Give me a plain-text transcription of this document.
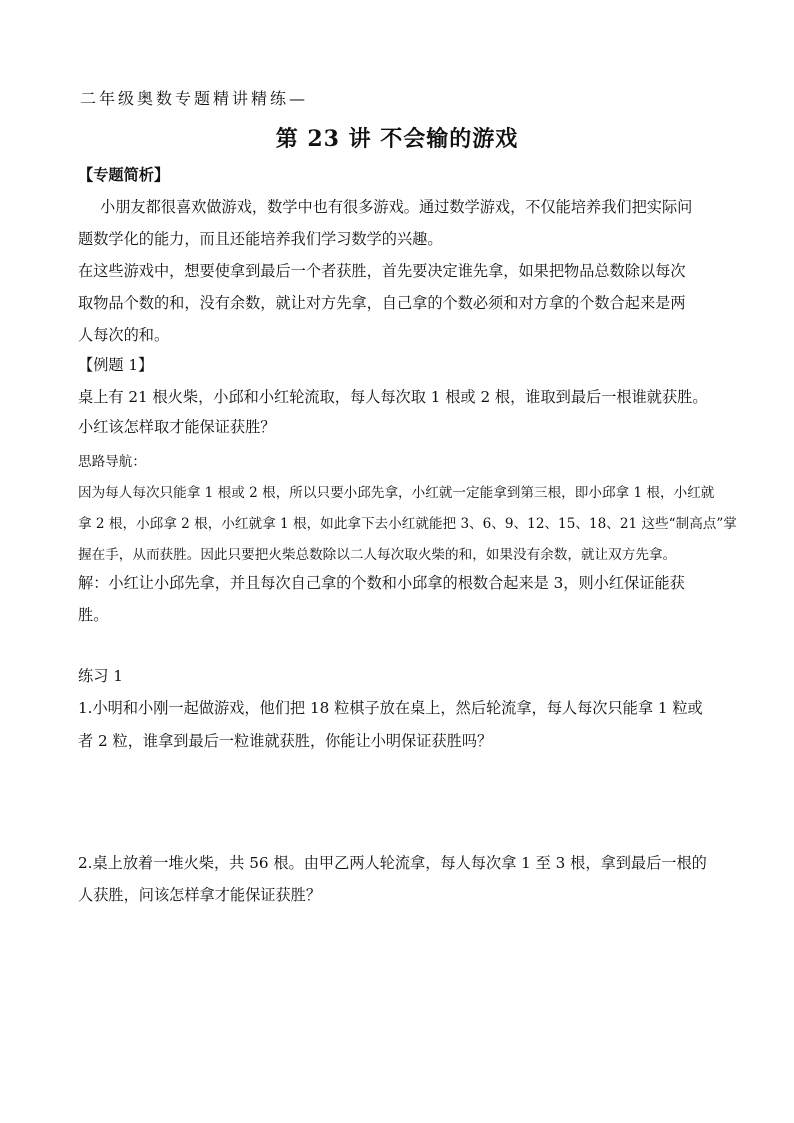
二年级奥数专题精讲精练—
第 23 讲 不会输的游戏
【专题简析】
小朋友都很喜欢做游戏，数学中也有很多游戏。通过数学游戏，不仅能培养我们把实际问
题数学化的能力，而且还能培养我们学习数学的兴趣。
在这些游戏中，想要使拿到最后一个者获胜，首先要决定谁先拿，如果把物品总数除以每次
取物品个数的和，没有余数，就让对方先拿，自己拿的个数必须和对方拿的个数合起来是两
人每次的和。
【例题 1】
桌上有 21 根火柴，小邱和小红轮流取，每人每次取 1 根或 2 根，谁取到最后一根谁就获胜。
小红该怎样取才能保证获胜？
思路导航：
因为每人每次只能拿 1 根或 2 根，所以只要小邱先拿，小红就一定能拿到第三根，即小邱拿 1 根，小红就
拿 2 根，小邱拿 2 根，小红就拿 1 根，如此拿下去小红就能把 3、6、9、12、15、18、21 这些“制高点”掌
握在手，从而获胜。因此只要把火柴总数除以二人每次取火柴的和，如果没有余数，就让双方先拿。
解：小红让小邱先拿，并且每次自己拿的个数和小邱拿的根数合起来是 3，则小红保证能获
胜。
练习 1
1.小明和小刚一起做游戏，他们把 18 粒棋子放在桌上，然后轮流拿，每人每次只能拿 1 粒或
者 2 粒，谁拿到最后一粒谁就获胜，你能让小明保证获胜吗？
2.桌上放着一堆火柴，共 56 根。由甲乙两人轮流拿，每人每次拿 1 至 3 根，拿到最后一根的
人获胜，问该怎样拿才能保证获胜？
